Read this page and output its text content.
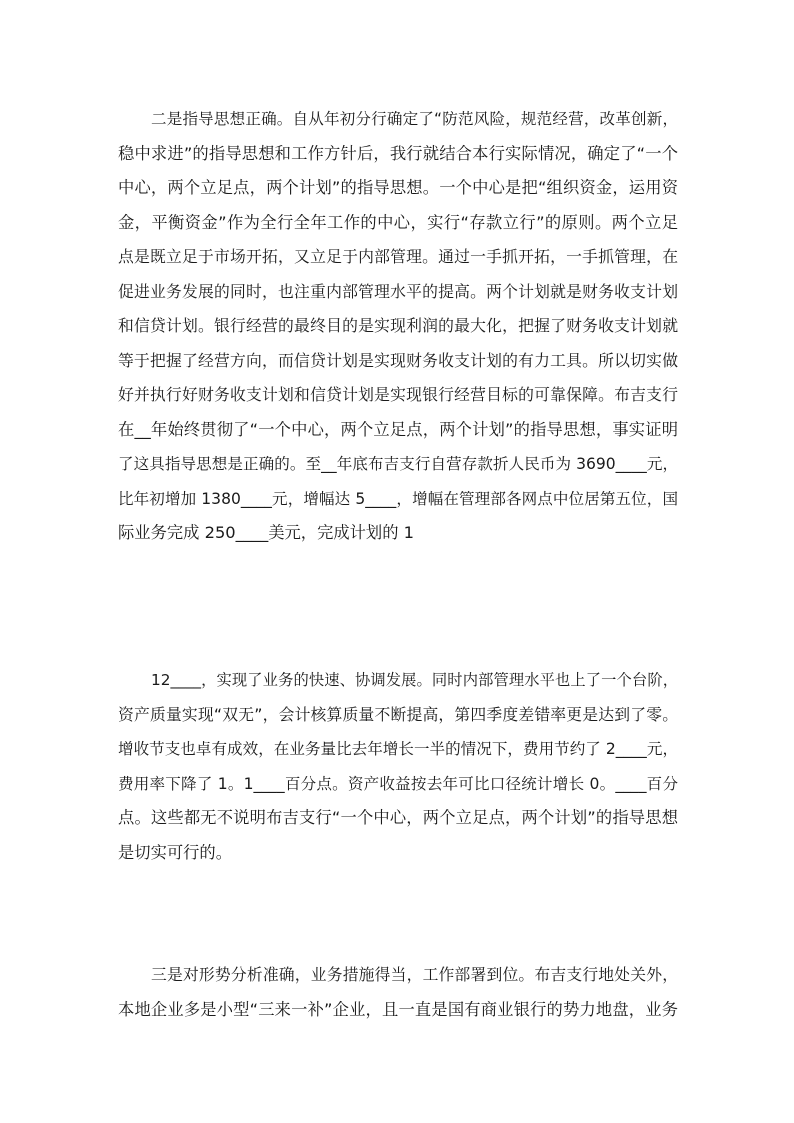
二是指导思想正确。自从年初分行确定了“防范风险，规范经营，改革创新，
稳中求进”的指导思想和工作方针后，我行就结合本行实际情况，确定了“一个
中心，两个立足点，两个计划”的指导思想。一个中心是把“组织资金，运用资
金，平衡资金”作为全行全年工作的中心，实行“存款立行”的原则。两个立足
点是既立足于市场开拓，又立足于内部管理。通过一手抓开拓，一手抓管理，在
促进业务发展的同时，也注重内部管理水平的提高。两个计划就是财务收支计划
和信贷计划。银行经营的最终目的是实现利润的最大化，把握了财务收支计划就
等于把握了经营方向，而信贷计划是实现财务收支计划的有力工具。所以切实做
好并执行好财务收支计划和信贷计划是实现银行经营目标的可靠保障。布吉支行
在__年始终贯彻了“一个中心，两个立足点，两个计划”的指导思想，事实证明
了这具指导思想是正确的。至__年底布吉支行自营存款折人民币为 3690____元，
比年初增加 1380____元，增幅达 5____，增幅在管理部各网点中位居第五位，国
际业务完成 250____美元，完成计划的 1
12____，实现了业务的快速、协调发展。同时内部管理水平也上了一个台阶，
资产质量实现“双无”，会计核算质量不断提高，第四季度差错率更是达到了零。
增收节支也卓有成效，在业务量比去年增长一半的情况下，费用节约了 2____元，
费用率下降了 1。1____百分点。资产收益按去年可比口径统计增长 0。____百分
点。这些都无不说明布吉支行“一个中心，两个立足点，两个计划”的指导思想
是切实可行的。
三是对形势分析准确，业务措施得当，工作部署到位。布吉支行地处关外，
本地企业多是小型“三来一补”企业，且一直是国有商业银行的势力地盘，业务
